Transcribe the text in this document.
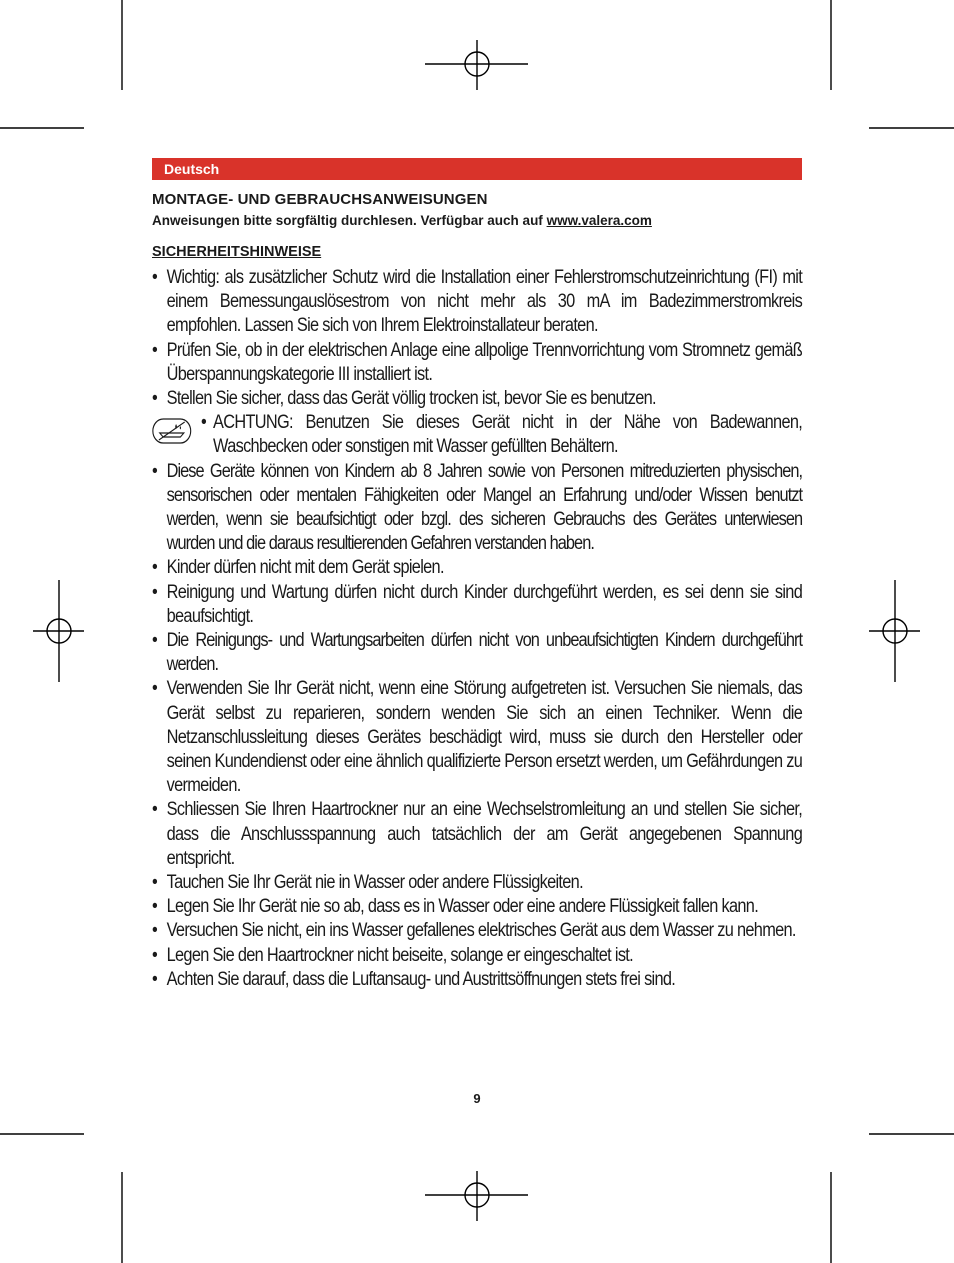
Deutsch
MONTAGE- UND GEBRAUCHSANWEISUNGEN
Anweisungen bitte sorgfältig durchlesen. Verfügbar auch auf www.valera.com
SICHERHEITSHINWEISE
• Wichtig: als zusätzlicher Schutz wird die Installation einer Fehlerstromschutzeinrichtung (FI) mit einem Bemessungauslösestrom von nicht mehr als 30 mA im Badezimmerstromkreis empfohlen. Lassen Sie sich von Ihrem Elektroinstallateur beraten.
• Prüfen Sie, ob in der elektrischen Anlage eine allpolige Trennvorrichtung vom Stromnetz gemäß Überspannungskategorie III installiert ist.
• Stellen Sie sicher, dass das Gerät völlig trocken ist, bevor Sie es benutzen.
• ACHTUNG: Benutzen Sie dieses Gerät nicht in der Nähe von Badewannen, Waschbecken oder sonstigen mit Wasser gefüllten Behältern.
• Diese Geräte können von Kindern ab 8 Jahren sowie von Personen mitreduzierten physischen, sensorischen oder mentalen Fähigkeiten oder Mangel an Erfahrung und/oder Wissen benutzt werden, wenn sie beaufsichtigt oder bzgl. des sicheren Gebrauchs des Gerätes unterwiesen wurden und die daraus resultierenden Gefahren verstanden haben.
• Kinder dürfen nicht mit dem Gerät spielen.
• Reinigung und Wartung dürfen nicht durch Kinder durchgeführt werden, es sei denn sie sind beaufsichtigt.
• Die Reinigungs- und Wartungsarbeiten dürfen nicht von unbeaufsichtigten Kindern durchgeführt werden.
• Verwenden Sie Ihr Gerät nicht, wenn eine Störung aufgetreten ist. Versuchen Sie niemals, das Gerät selbst zu reparieren, sondern wenden Sie sich an einen Techniker. Wenn die Netzanschlussleitung dieses Gerätes beschädigt wird, muss sie durch den Hersteller oder seinen Kundendienst oder eine ähnlich qualifizierte Person ersetzt werden, um Gefährdungen zu vermeiden.
• Schliessen Sie Ihren Haartrockner nur an eine Wechselstromleitung an und stellen Sie sicher, dass die Anschlussspannung auch tatsächlich der am Gerät angegebenen Spannung entspricht.
• Tauchen Sie Ihr Gerät nie in Wasser oder andere Flüssigkeiten.
• Legen Sie Ihr Gerät nie so ab, dass es in Wasser oder eine andere Flüssigkeit fallen kann.
• Versuchen Sie nicht, ein ins Wasser gefallenes elektrisches Gerät aus dem Wasser zu nehmen.
• Legen Sie den Haartrockner nicht beiseite, solange er eingeschaltet ist.
• Achten Sie darauf, dass die Luftansaug- und Austrittsöffnungen stets frei sind.
9
